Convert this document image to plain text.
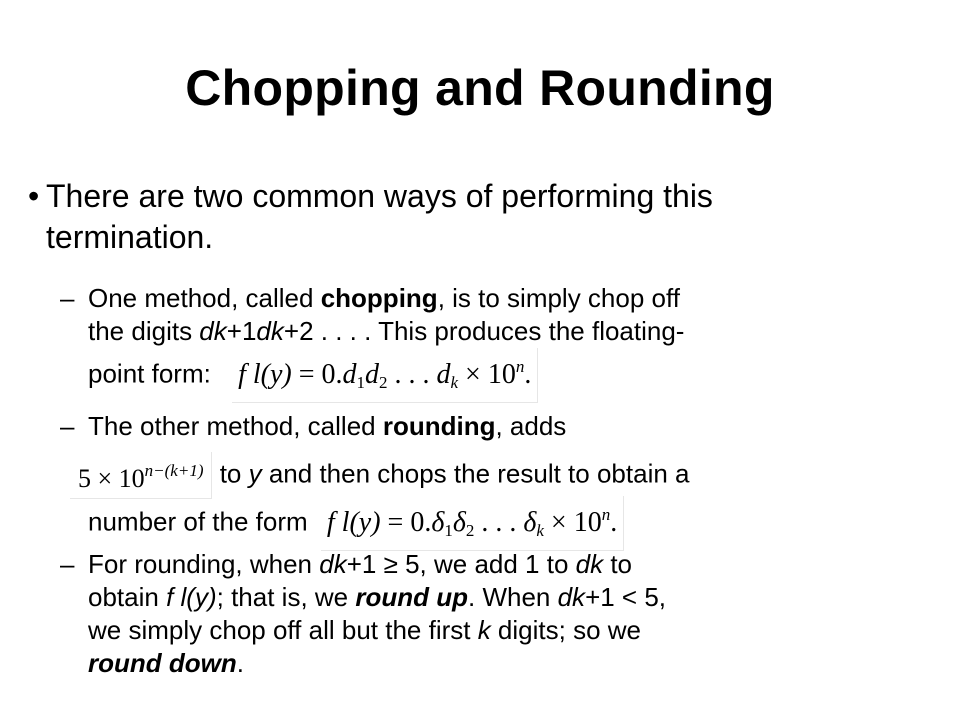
Chopping and Rounding
• There are two common ways of performing this
termination.
– One method, called chopping, is to simply chop off
the digits dk+1dk+2 . . . . This produces the floating-
point form: f $l(y) = 0.d_1d_2$ . . . $d_k \times 10^n$.
– The other method, called rounding, adds
$5 \times 10^{n-(k+1)}$ to y and then chops the result to obtain a
number of the form f $l(y) = 0.\delta_1\delta_2$ . . . $\delta_k \times 10^n$.
– For rounding, when dk+1 ≥ 5, we add 1 to dk to
obtain f l(y); that is, we round up. When dk+1 < 5,
we simply chop off all but the first k digits; so we
round down.
